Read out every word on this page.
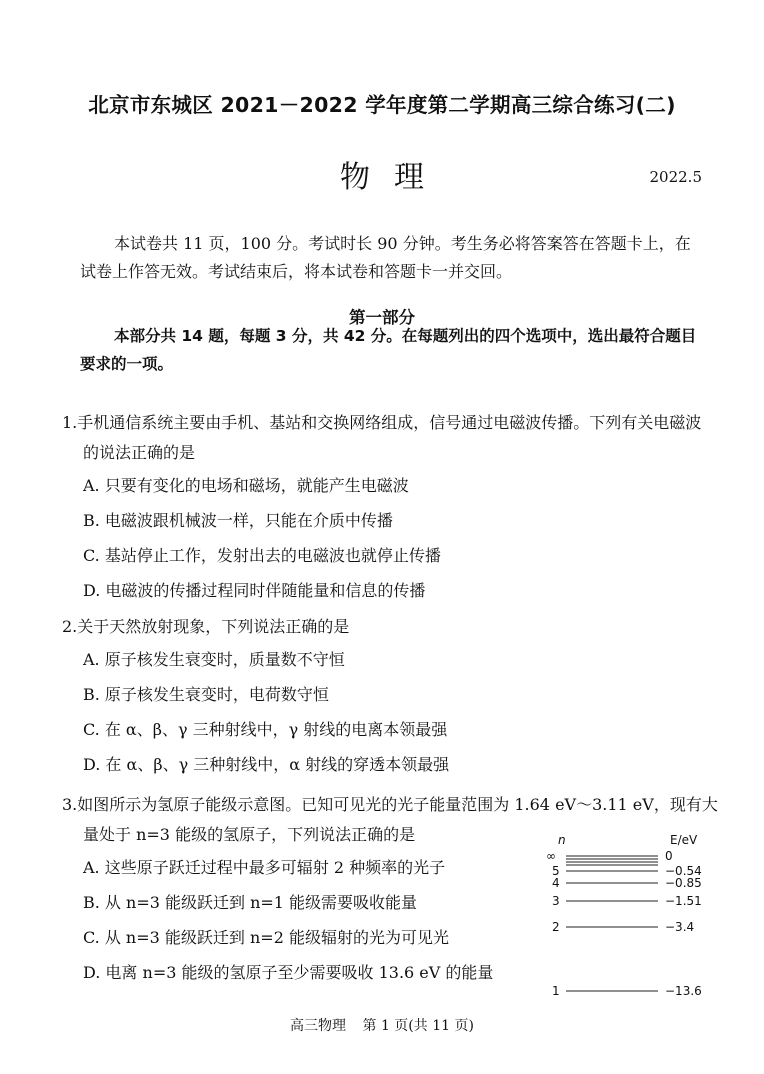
北京市东城区 2021－2022 学年度第二学期高三综合练习(二)
物理	2022.5
本试卷共 11 页，100 分。考试时长 90 分钟。考生务必将答案答在答题卡上，在试卷上作答无效。考试结束后，将本试卷和答题卡一并交回。
第一部分
本部分共 14 题，每题 3 分，共 42 分。在每题列出的四个选项中，选出最符合题目要求的一项。
1.手机通信系统主要由手机、基站和交换网络组成，信号通过电磁波传播。下列有关电磁波的说法正确的是
A. 只要有变化的电场和磁场，就能产生电磁波
B. 电磁波跟机械波一样，只能在介质中传播
C. 基站停止工作，发射出去的电磁波也就停止传播
D. 电磁波的传播过程同时伴随能量和信息的传播
2.关于天然放射现象，下列说法正确的是
A. 原子核发生衰变时，质量数不守恒
B. 原子核发生衰变时，电荷数守恒
C. 在 α、β、γ 三种射线中，γ 射线的电离本领最强
D. 在 α、β、γ 三种射线中，α 射线的穿透本领最强
3.如图所示为氢原子能级示意图。已知可见光的光子能量范围为 1.64 eV～3.11 eV，现有大量处于 n=3 能级的氢原子，下列说法正确的是
A. 这些原子跃迁过程中最多可辐射 2 种频率的光子
B. 从 n=3 能级跃迁到 n=1 能级需要吸收能量
C. 从 n=3 能级跃迁到 n=2 能级辐射的光为可见光
D. 电离 n=3 能级的氢原子至少需要吸收 13.6 eV 的能量
n	E/eV
∞	0
5	−0.54
4	−0.85
3	−1.51
2	−3.4
1	−13.6
高三物理 第 1 页(共 11 页)
